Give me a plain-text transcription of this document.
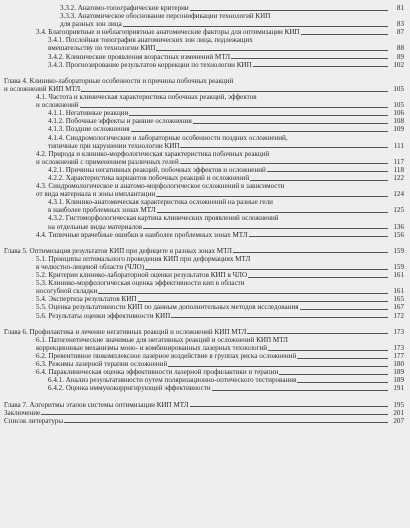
3.3.2. Анатомо-топографические критерии	81
3.3.3. Анатомическое обоснование персонификации технологий КИП
для разных зон лица	83
3.4. Благоприятные и неблагоприятные анатомические факторы для оптимизации КИП	87
3.4.1. Послойная топография анатомических зон лица, подлежащих
вмешательству по технологии КИП	88
3.4.2. Клинические проявления возрастных изменений МТЛ	89
3.4.3. Прогнозирование результатов коррекции по технологии КИП	102
Глава 4. Клинико-лабораторные особенности и причины побочных реакций
и осложнений КИП МТЛ	105
4.1. Частота и клиническая характеристика побочных реакций, эффектов
и осложнений	105
4.1.1. Негативные реакции	106
4.1.2. Побочные эффекты и ранние осложнения	108
4.1.3. Поздние осложнения	109
4.1.4. Синдромологические и лабораторные особенности поздних осложнений,
типичные при нарушении технологии КИП	111
4.2. Природа и клинико-морфологическая характеристика побочных реакций
и осложнений с применением различных гелей	117
4.2.1. Причины негативных реакций, побочных эффектов и осложнений	118
4.2.2. Характеристика вариантов побочных реакций и осложнений	122
4.3. Синдромологическое и анатомо-морфологическое осложнений в зависимости
от вида материала и зоны имплантации	124
4.3.1. Клинико-анатомическая характеристика осложнений на разные гели
в наиболее проблемных зонах МТЛ	125
4.3.2. Гистоморфологическая картина клинических проявлений осложнений
на отдельные виды материалов	136
4.4. Типичные врачебные ошибки в наиболее проблемных зонах МТЛ	156
Глава 5. Оптимизация результатов КИП при дефиците в разных зонах МТЛ	159
5.1. Принципы оптимального проведения КИП при деформациях МТЛ
в челюстно-лицевой области (ЧЛО)	159
5.2. Критерии клинико-лабораторной оценки результатов КИП в ЧЛО	161
5.3. Клинико-морфологическая оценка эффективности кип в области
носогубной складки	161
5.4. Экспертиза результатов КИП	165
5.5. Оценка результативности КИП по данным дополнительных методов исследования	167
5.6. Результаты оценки эффективности КИП	172
Глава 6. Профилактика и лечение негативных реакций и осложнений КИП МТЛ	173
6.1. Патогенетические значимые для негативных реакций и осложнений КИП МТЛ
коррекционные механизмы моно- и комбинированных лазерных технологий	173
6.2. Превентивное пюкомплексное лазерное воздействие в группах риска осложнений	177
6.3. Режимы лазерной терапии осложнений	180
6.4. Параклиническая оценка эффективности лазерной профилактики и терапии	189
6.4.1. Анализ результативности путем поляризационно-оптического тестирования	189
6.4.2. Оценка иммунокорригирующей эффективности	191
Глава 7. Алгоритмы этапов системы оптимизации КИП МТЛ	195
Заключение	201
Список литературы	207
